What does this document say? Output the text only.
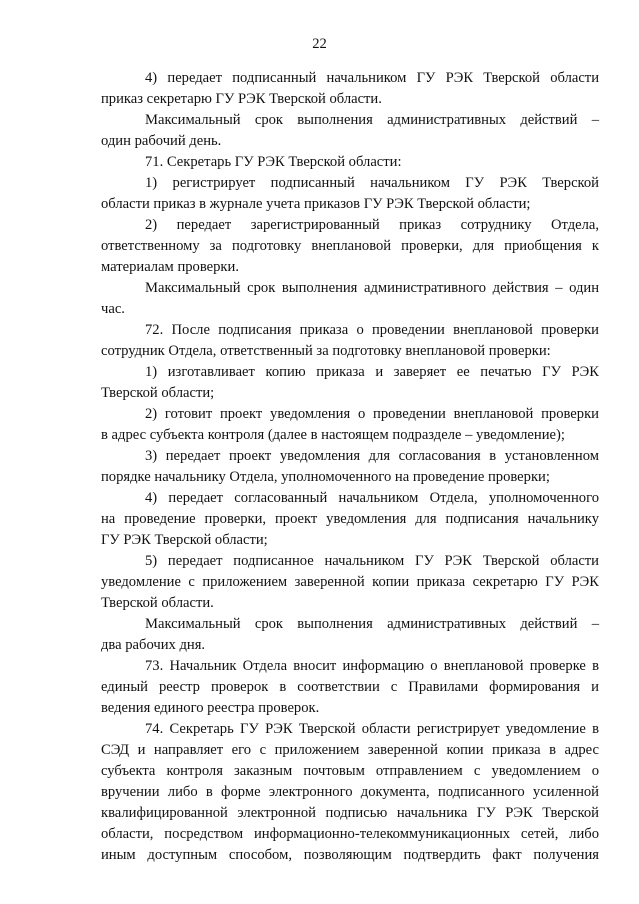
22
4) передает подписанный начальником ГУ РЭК Тверской области
приказ секретарю ГУ РЭК Тверской области.
Максимальный срок выполнения административных действий –
один рабочий день.
71. Секретарь ГУ РЭК Тверской области:
1) регистрирует подписанный начальником ГУ РЭК Тверской
области приказ в журнале учета приказов ГУ РЭК Тверской области;
2) передает зарегистрированный приказ сотруднику Отдела,
ответственному за подготовку внеплановой проверки, для приобщения к
материалам проверки.
Максимальный срок выполнения административного действия – один
час.
72. После подписания приказа о проведении внеплановой проверки
сотрудник Отдела, ответственный за подготовку внеплановой проверки:
1) изготавливает копию приказа и заверяет ее печатью ГУ РЭК
Тверской области;
2) готовит проект уведомления о проведении внеплановой проверки
в адрес субъекта контроля (далее в настоящем подразделе – уведомление);
3) передает проект уведомления для согласования в установленном
порядке начальнику Отдела, уполномоченного на проведение проверки;
4) передает согласованный начальником Отдела, уполномоченного
на проведение проверки, проект уведомления для подписания начальнику
ГУ РЭК Тверской области;
5) передает подписанное начальником ГУ РЭК Тверской области
уведомление с приложением заверенной копии приказа секретарю ГУ РЭК
Тверской области.
Максимальный срок выполнения административных действий –
два рабочих дня.
73. Начальник Отдела вносит информацию о внеплановой проверке в
единый реестр проверок в соответствии с Правилами формирования и
ведения единого реестра проверок.
74. Секретарь ГУ РЭК Тверской области регистрирует уведомление в
СЭД и направляет его с приложением заверенной копии приказа в адрес
субъекта контроля заказным почтовым отправлением с уведомлением о
вручении либо в форме электронного документа, подписанного усиленной
квалифицированной электронной подписью начальника ГУ РЭК Тверской
области, посредством информационно-телекоммуникационных сетей, либо
иным доступным способом, позволяющим подтвердить факт получения
